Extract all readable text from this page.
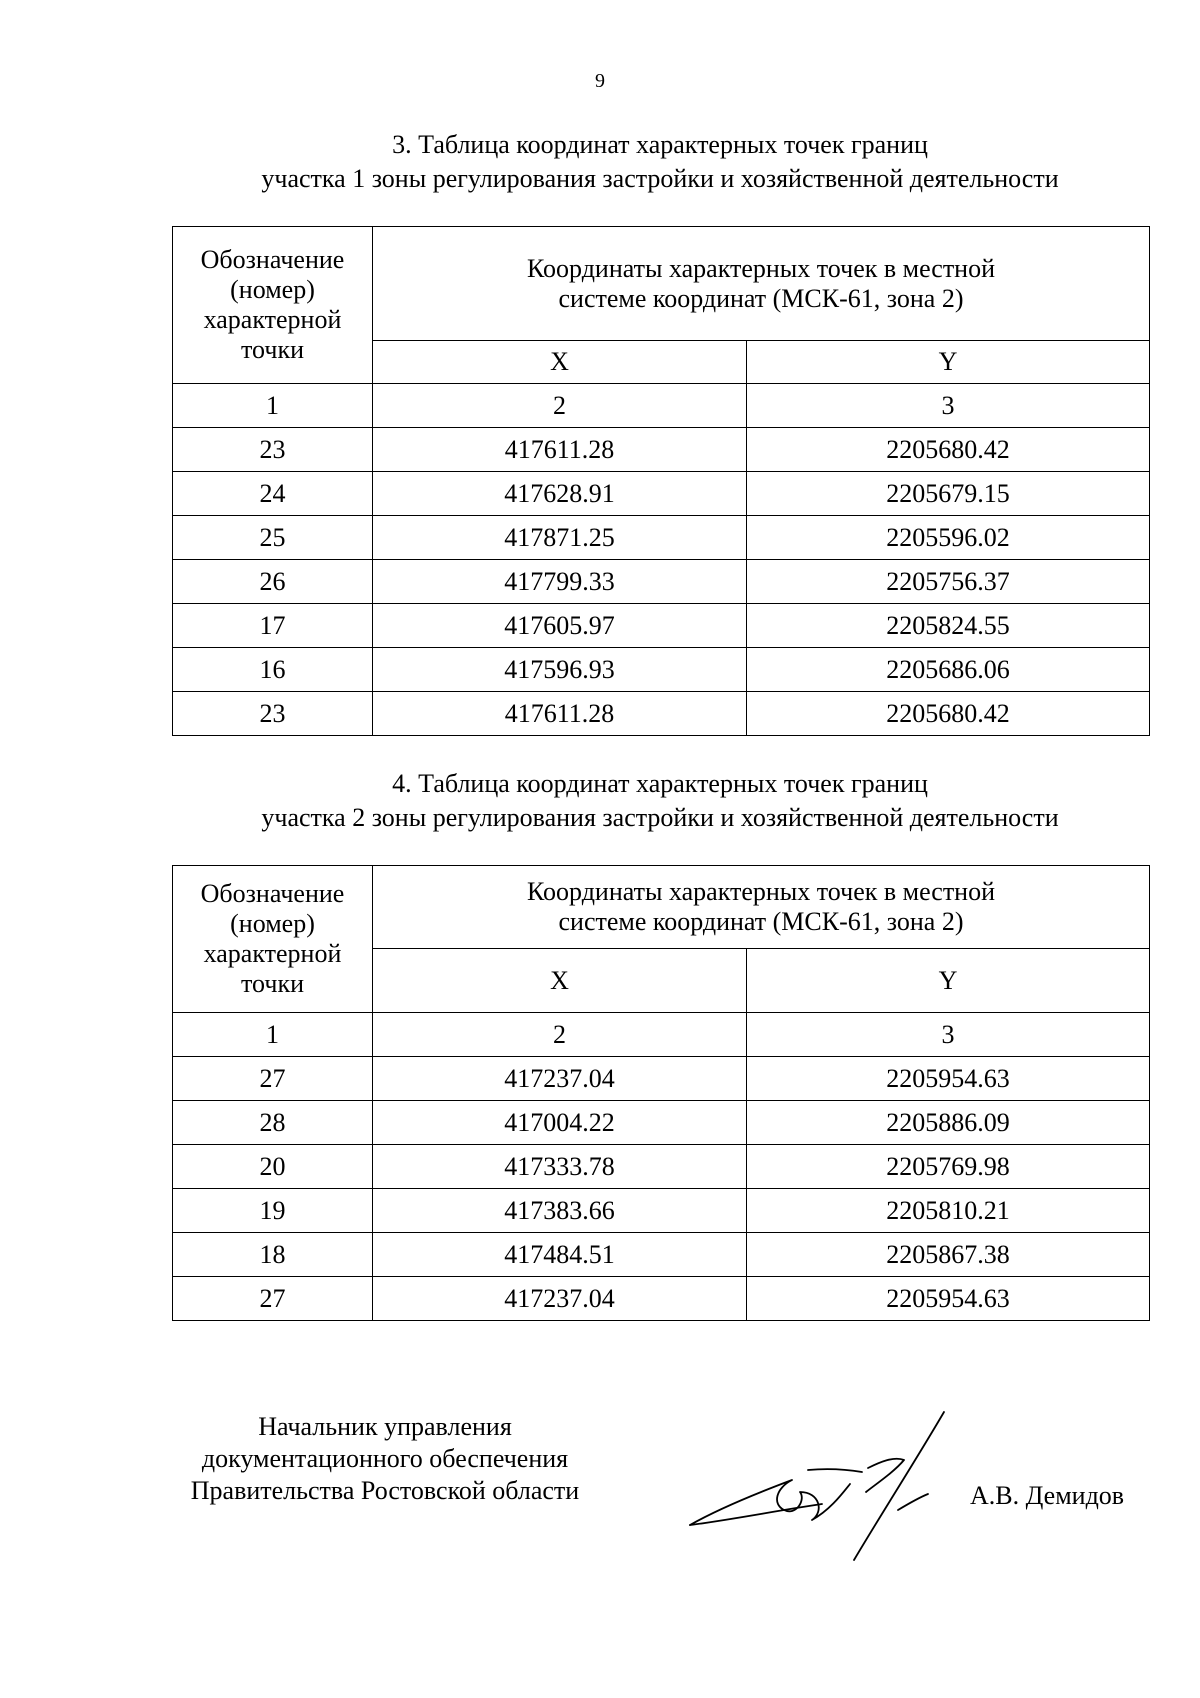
9
3. Таблица координат характерных точек границ
участка 1 зоны регулирования застройки и хозяйственной деятельности
Обозначение (номер) характерной точки	Координаты характерных точек в местной системе координат (МСК-61, зона 2)	
	X	Y
1	2	3
23	417611.28	2205680.42
24	417628.91	2205679.15
25	417871.25	2205596.02
26	417799.33	2205756.37
17	417605.97	2205824.55
16	417596.93	2205686.06
23	417611.28	2205680.42
4. Таблица координат характерных точек границ
участка 2 зоны регулирования застройки и хозяйственной деятельности
Обозначение (номер) характерной точки	Координаты характерных точек в местной системе координат (МСК-61, зона 2)	
	X	Y
1	2	3
27	417237.04	2205954.63
28	417004.22	2205886.09
20	417333.78	2205769.98
19	417383.66	2205810.21
18	417484.51	2205867.38
27	417237.04	2205954.63
Начальник управления
документационного обеспечения
Правительства Ростовской области	А.В. Демидов
